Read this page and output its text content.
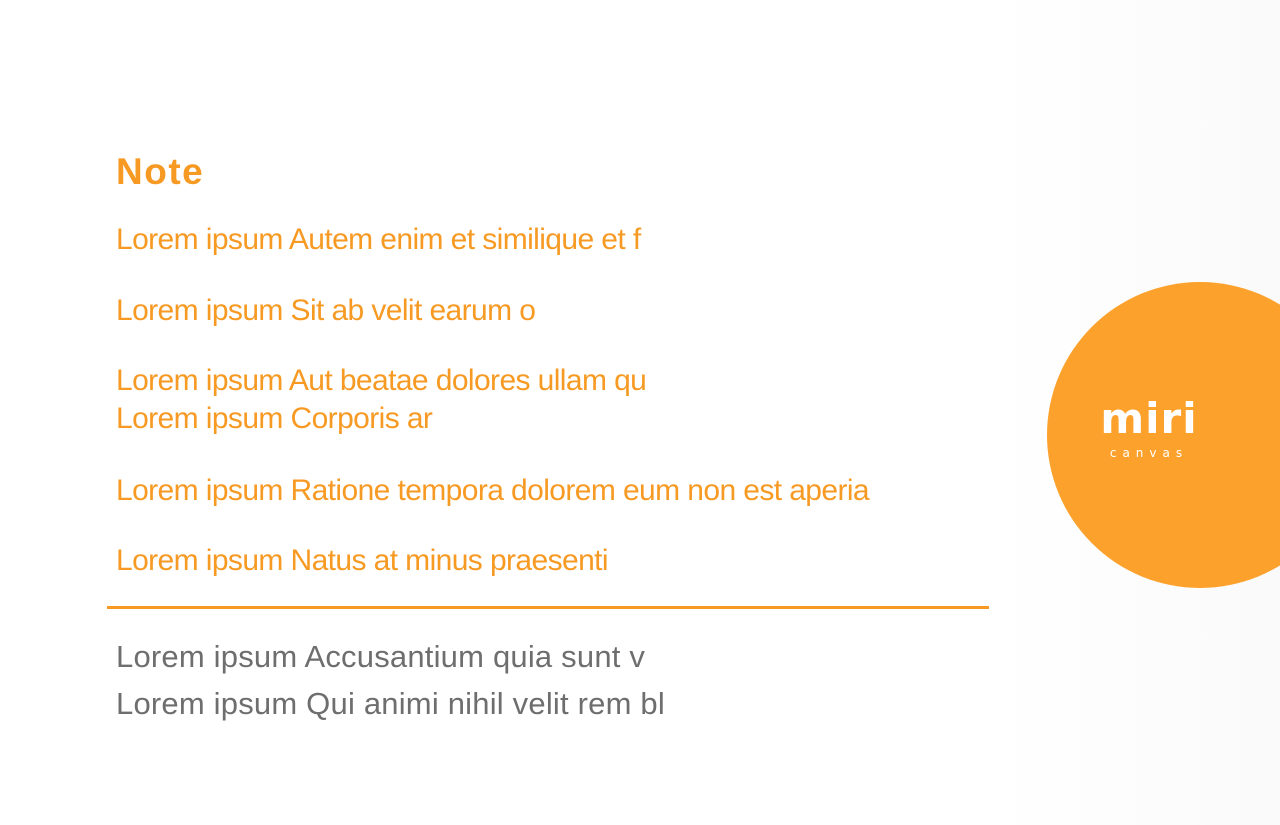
Note

Lorem ipsum Autem enim et similique et f

Lorem ipsum Sit ab velit earum o

Lorem ipsum Aut beatae dolores ullam qu

Lorem ipsum Corporis ar

Lorem ipsum Ratione tempora dolorem eum non est aperia

Lorem ipsum Natus at minus praesenti

Lorem ipsum Accusantium quia sunt v

Lorem ipsum Qui animi nihil velit rem bl

miri
canvas
